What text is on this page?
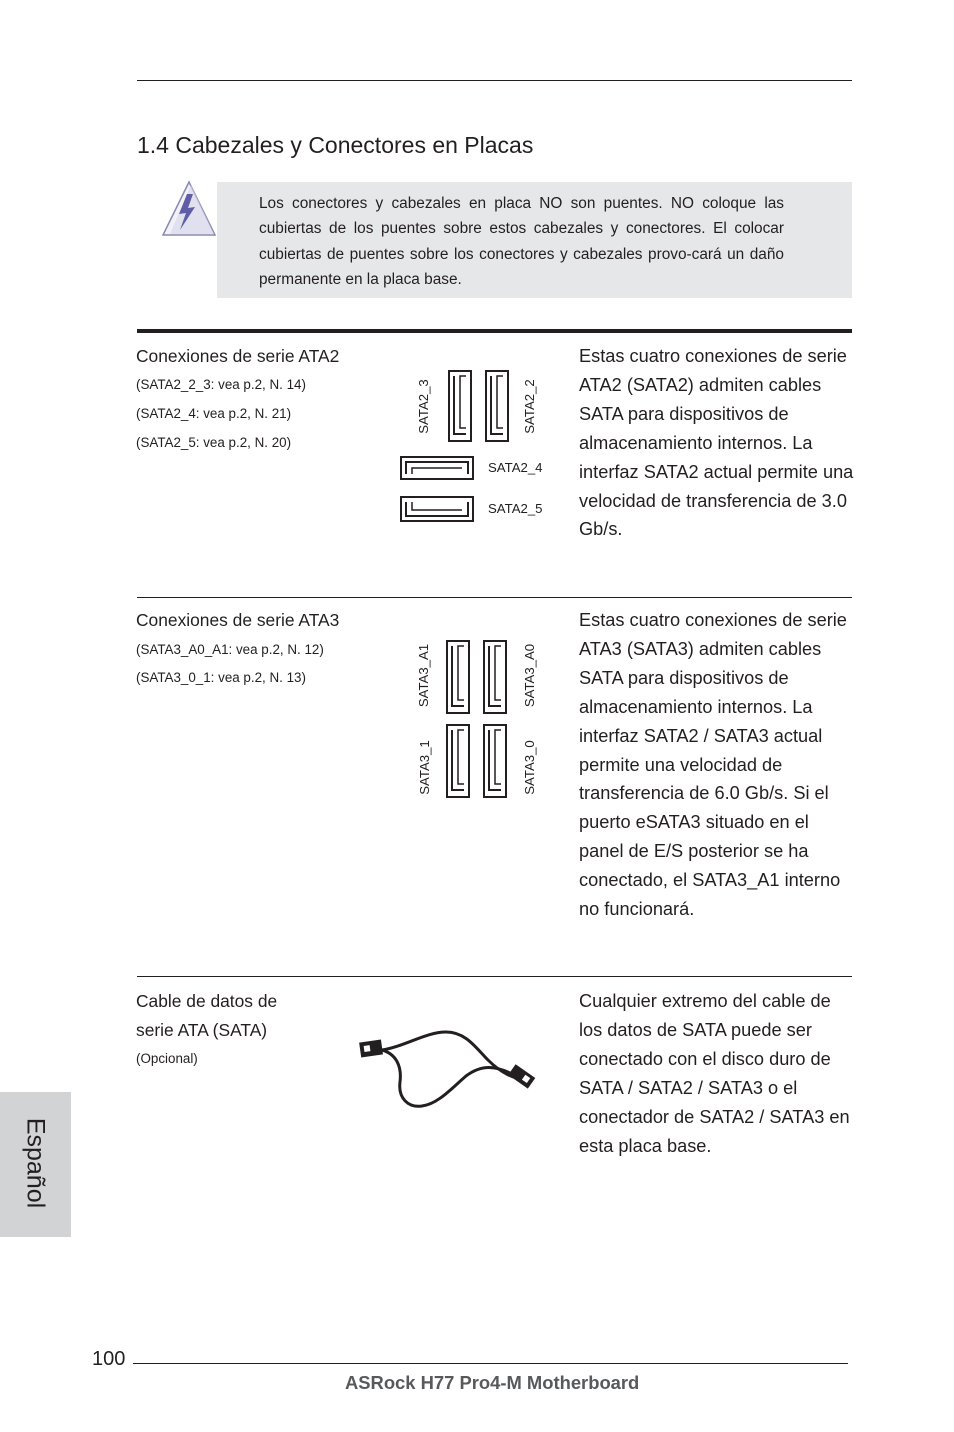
1.4 Cabezales y Conectores en Placas

Los conectores y cabezales en placa NO son puentes. NO coloque las cubiertas de los puentes sobre estos cabezales y conectores. El colocar cubiertas de puentes sobre los conectores y cabezales provo-cará un daño permanente en la placa base.

Conexiones de serie ATA2
(SATA2_2_3: vea p.2, N. 14)
(SATA2_4: vea p.2, N. 21)
(SATA2_5: vea p.2, N. 20)
SATA2_3	SATA2_2
SATA2_4
SATA2_5

Estas cuatro conexiones de serie ATA2 (SATA2) admiten cables SATA para dispositivos de almacenamiento internos. La interfaz SATA2 actual permite una velocidad de transferencia de 3.0 Gb/s.

Conexiones de serie ATA3
(SATA3_A0_A1: vea p.2, N. 12)
(SATA3_0_1: vea p.2, N. 13)	SATA3_A1	SATA3_A0
SATA3_1	SATA3_0

Estas cuatro conexiones de serie ATA3 (SATA3) admiten cables SATA para dispositivos de almacenamiento internos. La interfaz SATA2 / SATA3 actual permite una velocidad de transferencia de 6.0 Gb/s. Si el puerto eSATA3 situado en el panel de E/S posterior se ha conectado, el SATA3_A1 interno no funcionará.

Cable de datos de
serie ATA (SATA)
(Opcional)

Cualquier extremo del cable de los datos de SATA puede ser conectado con el disco duro de SATA / SATA2 / SATA3 o el conectador de SATA2 / SATA3 en esta placa base.

Español
100
ASRock H77 Pro4-M Motherboard
